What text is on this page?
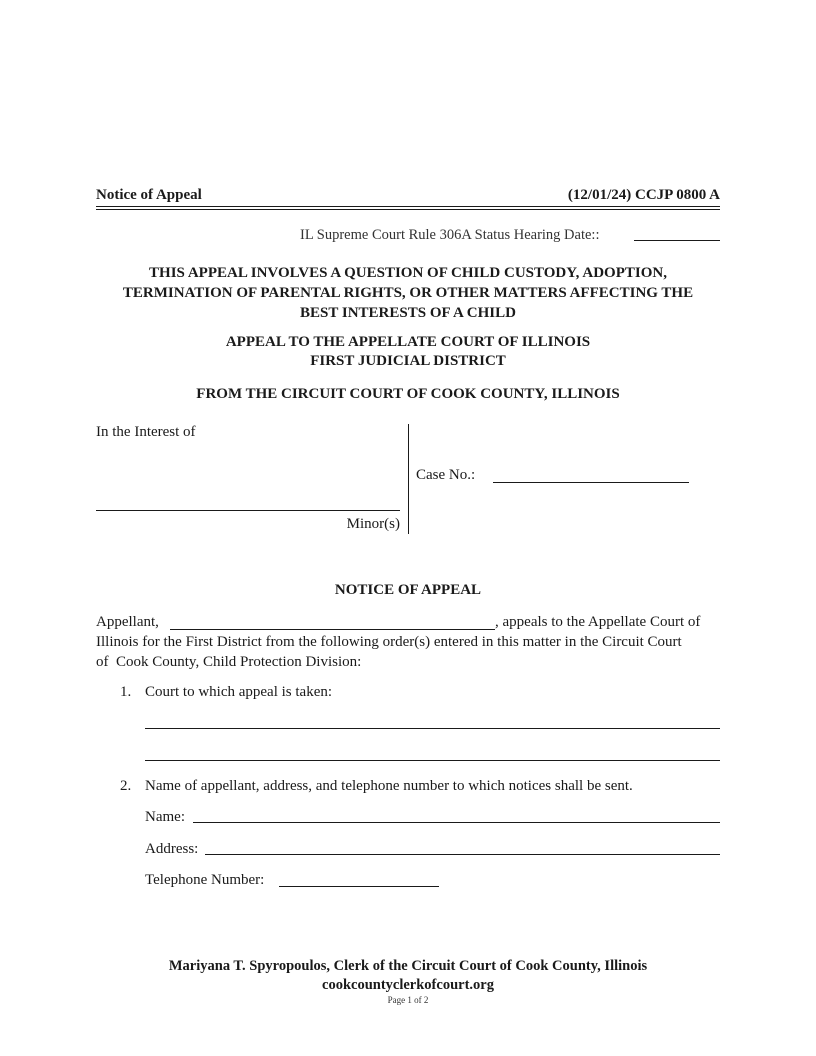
Notice of Appeal	(12/01/24) CCJP 0800 A
IL Supreme Court Rule 306A Status Hearing Date::
THIS APPEAL INVOLVES A QUESTION OF CHILD CUSTODY, ADOPTION,
TERMINATION OF PARENTAL RIGHTS, OR OTHER MATTERS AFFECTING THE
BEST INTERESTS OF A CHILD
APPEAL TO THE APPELLATE COURT OF ILLINOIS
FIRST JUDICIAL DISTRICT
FROM THE CIRCUIT COURT OF COOK COUNTY, ILLINOIS
In the Interest of
Minor(s)
Case No.:
NOTICE OF APPEAL
Appellant,	, appeals to the Appellate Court of
Illinois for the First District from the following order(s) entered in this matter in the Circuit Court
of  Cook County, Child Protection Division:
1. Court to which appeal is taken:
2. Name of appellant, address, and telephone number to which notices shall be sent.
Name:
Address:
Telephone Number:
Mariyana T. Spyropoulos, Clerk of the Circuit Court of Cook County, Illinois
cookcountyclerkofcourt.org
Page 1 of 2
